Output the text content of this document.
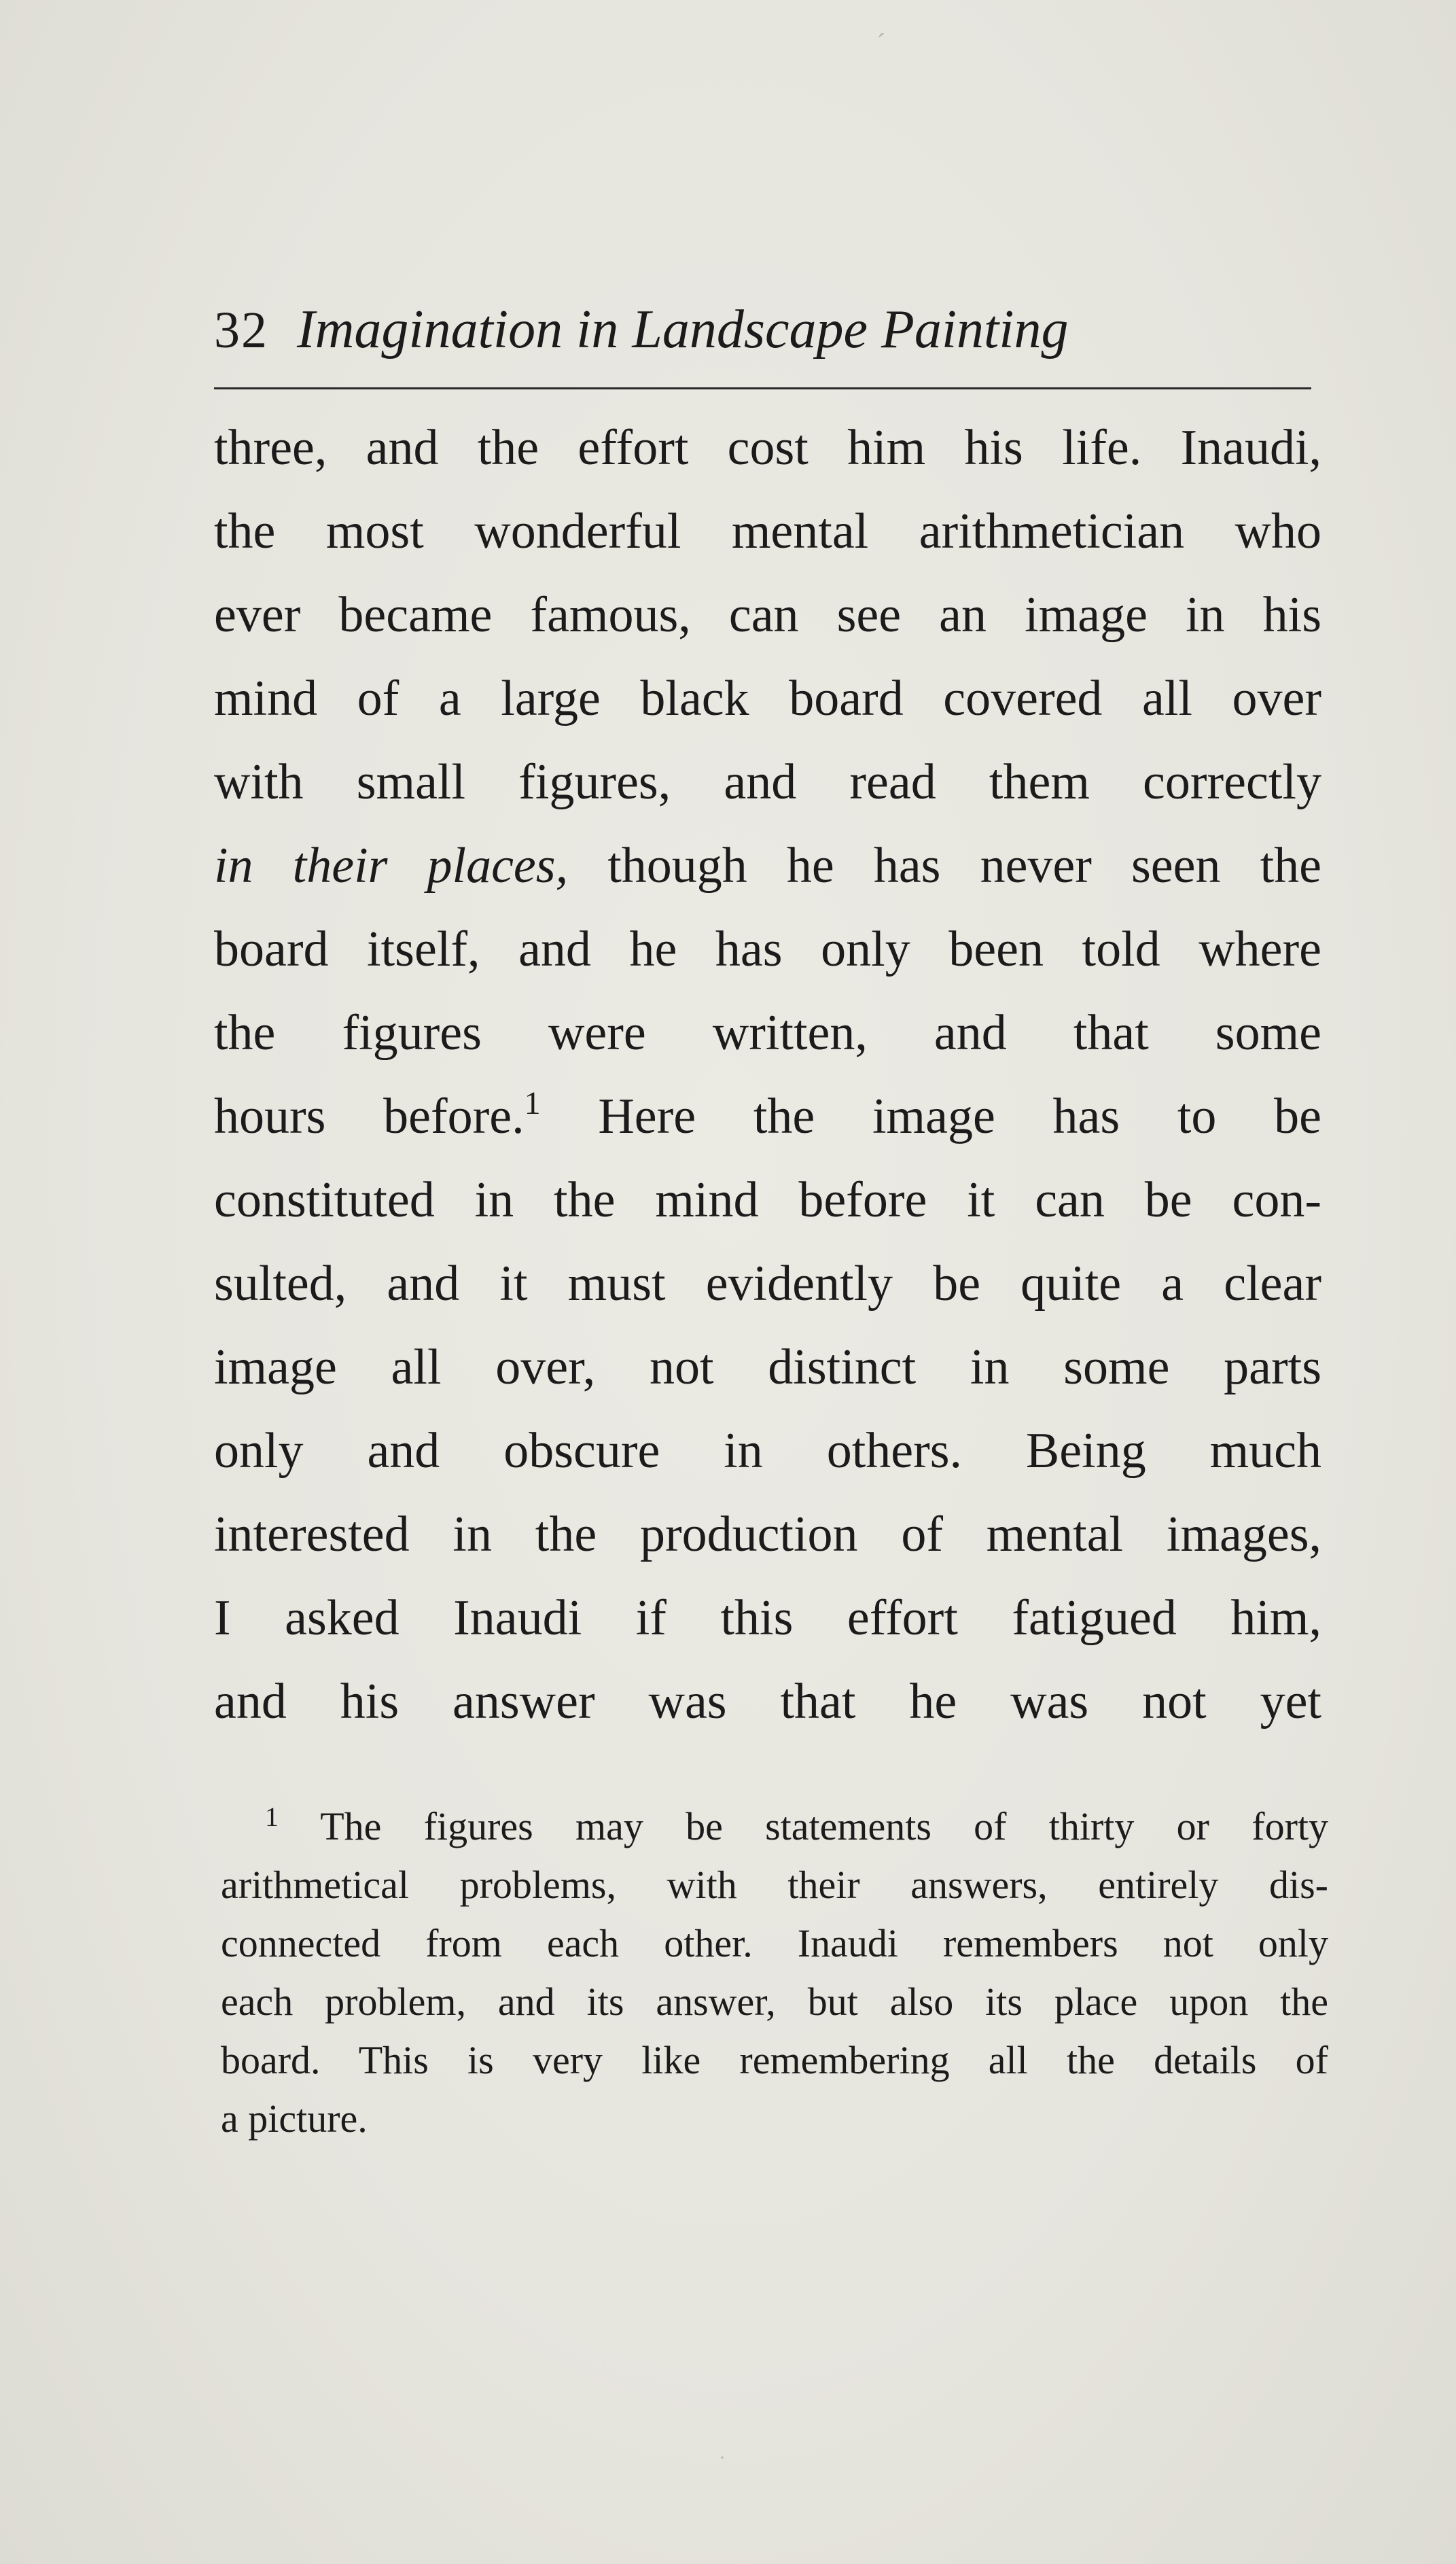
´
32 Imagination in Landscape Painting
three, and the effort cost him his life. Inaudi,
the most wonderful mental arithmetician who
ever became famous, can see an image in his
mind of a large black board covered all over
with small figures, and read them correctly
in their places, though he has never seen the
board itself, and he has only been told where
the figures were written, and that some
hours before.$^1$ Here the image has to be
constituted in the mind before it can be con-
sulted, and it must evidently be quite a clear
image all over, not distinct in some parts
only and obscure in others. Being much
interested in the production of mental images,
I asked Inaudi if this effort fatigued him,
and his answer was that he was not yet
$^1$ The figures may be statements of thirty or forty
arithmetical problems, with their answers, entirely dis-
connected from each other. Inaudi remembers not only
each problem, and its answer, but also its place upon the
board. This is very like remembering all the details of
a picture.
·
